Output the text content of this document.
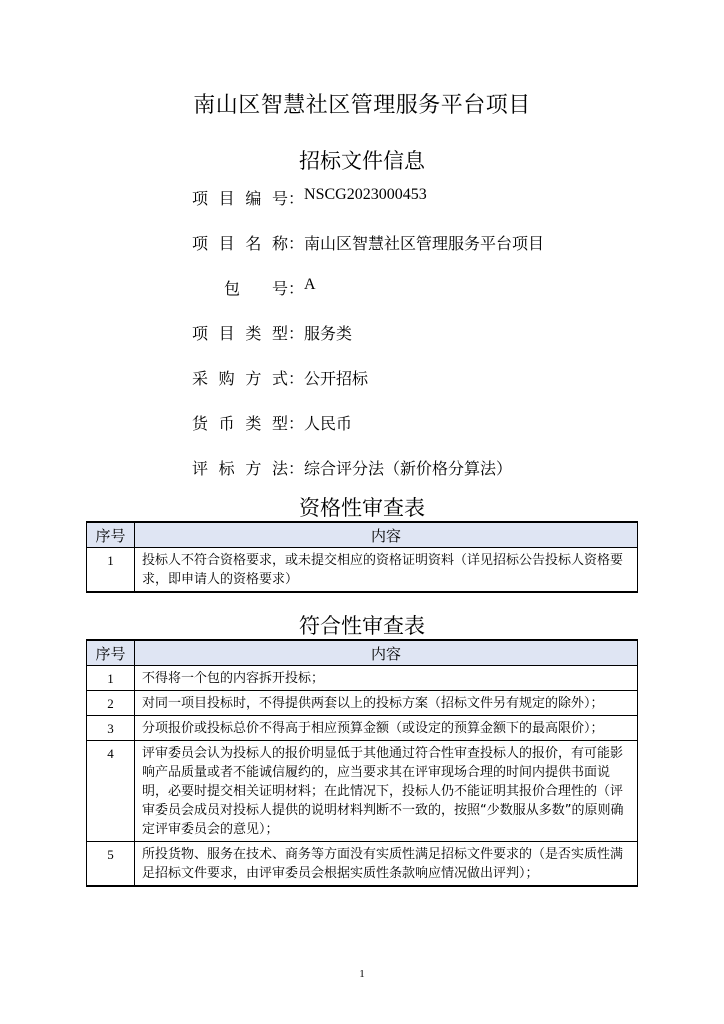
南山区智慧社区管理服务平台项目
招标文件信息
项目编号 ： NSCG2023000453
项目名称 ： 南山区智慧社区管理服务平台项目
包 号 ： A
项目类型 ： 服务类
采购方式 ： 公开招标
货币类型 ： 人民币
评标方法 ： 综合评分法（新价格分算法）
资格性审查表
序号	内容
1	投标人不符合资格要求，或未提交相应的资格证明资料（详见招标公告投标人资格要求，即申请人的资格要求）
符合性审查表
序号	内容
1	不得将一个包的内容拆开投标；
2	对同一项目投标时，不得提供两套以上的投标方案（招标文件另有规定的除外）；
3	分项报价或投标总价不得高于相应预算金额（或设定的预算金额下的最高限价）；
4	评审委员会认为投标人的报价明显低于其他通过符合性审查投标人的报价，有可能影响产品质量或者不能诚信履约的，应当要求其在评审现场合理的时间内提供书面说明，必要时提交相关证明材料；在此情况下，投标人仍不能证明其报价合理性的（评审委员会成员对投标人提供的说明材料判断不一致的，按照“少数服从多数”的原则确定评审委员会的意见）；
5	所投货物、服务在技术、商务等方面没有实质性满足招标文件要求的（是否实质性满足招标文件要求，由评审委员会根据实质性条款响应情况做出评判）；
1
